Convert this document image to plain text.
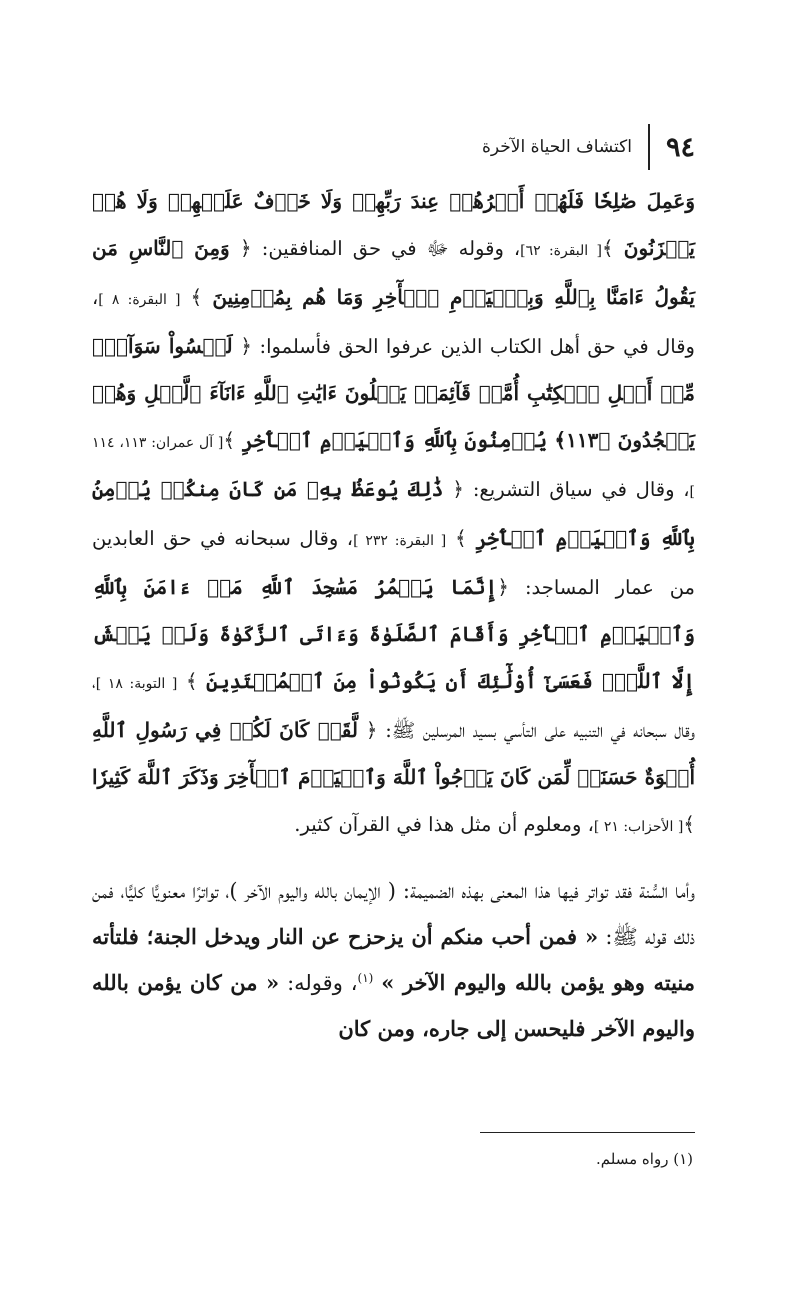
٩٤
اكتشاف الحياة الآخرة

وَعَمِلَ صَٰلِحٗا فَلَهُمۡ أَجۡرُهُمۡ عِندَ رَبِّهِمۡ وَلَا خَوۡفٌ عَلَيۡهِمۡ وَلَا هُمۡ يَحۡزَنُونَ ﴾[ البقرة: ٦٢]، وقوله ﷻ في حق المنافقين: ﴿ وَمِنَ ٱلنَّاسِ مَن يَقُولُ ءَامَنَّا بِٱللَّهِ وَبِٱلۡيَوۡمِ ٱلۡأٓخِرِ وَمَا هُم بِمُؤۡمِنِينَ ﴾ [ البقرة: ٨ ]، وقال في حق أهل الكتاب الذين عرفوا الحق فأسلموا: ﴿ لَيۡسُواْ سَوَآءٗۗ مِّنۡ أَهۡلِ ٱلۡكِتَٰبِ أُمَّةٞ قَآئِمَةٞ يَتۡلُونَ ءَايَٰتِ ٱللَّهِ ءَانَآءَ ٱلَّيۡلِ وَهُمۡ يَسۡجُدُونَ ﴿١١٣﴾ يُؤۡمِنُونَ بِٱللَّهِ وَٱلۡيَوۡمِ ٱلۡأٓخِرِ ﴾[ آل عمران: ١١٣، ١١٤ ]، وقال في سياق التشريع: ﴿ ذَٰلِكَ يُوعَظُ بِهِۦ مَن كَانَ مِنكُمۡ يُؤۡمِنُ بِٱللَّهِ وَٱلۡيَوۡمِ ٱلۡأٓخِرِ ﴾ [ البقرة: ٢٣٢ ]، وقال سبحانه في حق العابدين من عمار المساجد: ﴿إِنَّمَا يَعۡمُرُ مَسَٰجِدَ ٱللَّهِ مَنۡ ءَامَنَ بِٱللَّهِ وَٱلۡيَوۡمِ ٱلۡأٓخِرِ وَأَقَامَ ٱلصَّلَوٰةَ وَءَاتَى ٱلزَّكَوٰةَ وَلَمۡ يَخۡشَ إِلَّا ٱللَّهَۖ فَعَسَىٰٓ أُوْلَٰٓئِكَ أَن يَكُونُواْ مِنَ ٱلۡمُهۡتَدِينَ ﴾ [ التوبة: ١٨ ]، وقال سبحانه في التنبيه على التأسي بسيد المرسلين ﷺ: ﴿ لَّقَدۡ كَانَ لَكُمۡ فِي رَسُولِ ٱللَّهِ أُسۡوَةٌ حَسَنَةٞ لِّمَن كَانَ يَرۡجُواْ ٱللَّهَ وَٱلۡيَوۡمَ ٱلۡأٓخِرَ وَذَكَرَ ٱللَّهَ كَثِيرٗا ﴾[ الأحزاب: ٢١ ]، ومعلوم أن مثل هذا في القرآن كثير.

وأما السُّنة فقد تواتر فيها هذا المعنى بهذه الضميمة: ( الإيمان بالله واليوم الآخر )، تواترًا معنويًّا كليًّا، فمن ذلك قوله ﷺ: « فمن أحب منكم أن يزحزح عن النار ويدخل الجنة؛ فلتأته منيته وهو يؤمن بالله واليوم الآخر » $^{(١)}$، وقوله: « من كان يؤمن بالله واليوم الآخر فليحسن إلى جاره، ومن كان

(١) رواه مسلم.
